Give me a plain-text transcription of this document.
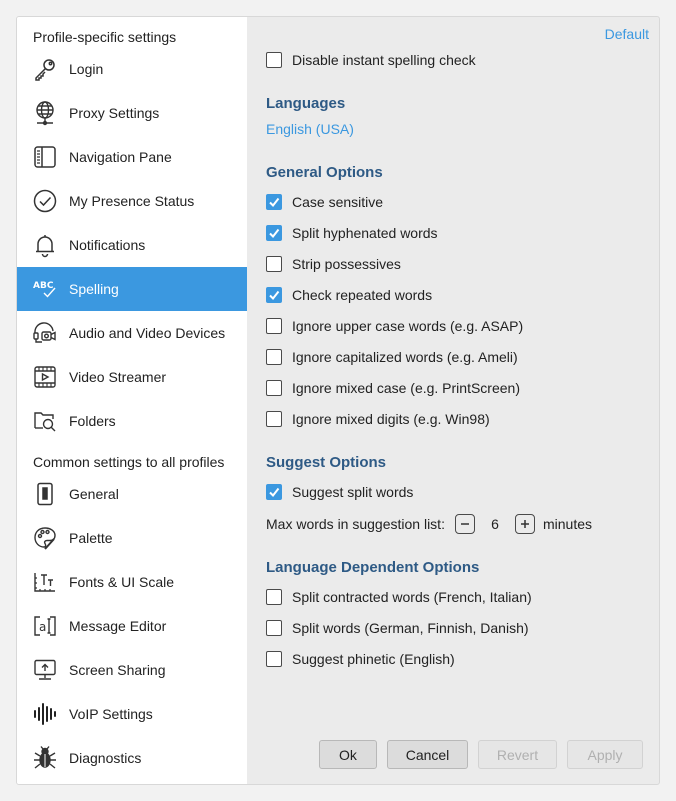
Profile-specific settings
Login
Proxy Settings
Navigation Pane
My Presence Status
Notifications
ABC Spelling
Audio and Video Devices
Video Streamer
Folders
Common settings to all profiles
General
Palette
Fonts & UI Scale
a Message Editor
Screen Sharing
VoIP Settings
Diagnostics
Default
Disable instant spelling check
Languages
English (USA)
General Options
Case sensitive
Split hyphenated words
Strip possessives
Check repeated words
Ignore upper case words (e.g. ASAP)
Ignore capitalized words (e.g. Ameli)
Ignore mixed case (e.g. PrintScreen)
Ignore mixed digits (e.g. Win98)
Suggest Options
Suggest split words
Max words in suggestion list:	6	minutes
Language Dependent Options
Split contracted words (French, Italian)
Split words (German, Finnish, Danish)
Suggest phinetic (English)
Ok	Cancel	Revert	Apply
